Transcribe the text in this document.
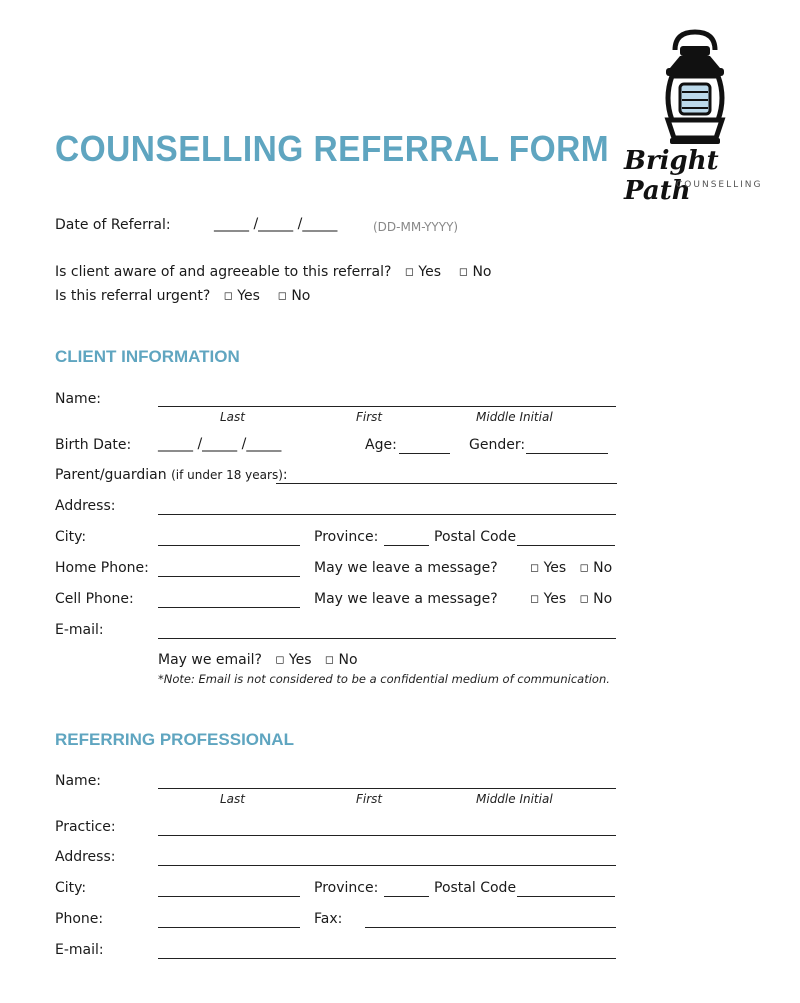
COUNSELLING REFERRAL FORM Bright Path
COUNSELLING
Date of Referral:	_____ /_____ /_____	(DD-MM-YYYY)
Is client aware of and agreeable to this referral? ◻ Yes ◻ No
Is this referral urgent? ◻ Yes ◻ No
CLIENT INFORMATION
Name:
Last	First	Middle Initial
Birth Date: _____ /_____ /_____	Age:	Gender:
Parent/guardian (if under 18 years):
Address:
City:	Province:	Postal Code
Home Phone:	May we leave a message?	◻ Yes ◻ No
Cell Phone:	May we leave a message?	◻ Yes ◻ No
E-mail:
May we email? ◻ Yes ◻ No
*Note: Email is not considered to be a confidential medium of communication.
REFERRING PROFESSIONAL
Name:
Last	First	Middle Initial
Practice:
Address:
City:	Province:	Postal Code
Phone:	Fax:
E-mail:
